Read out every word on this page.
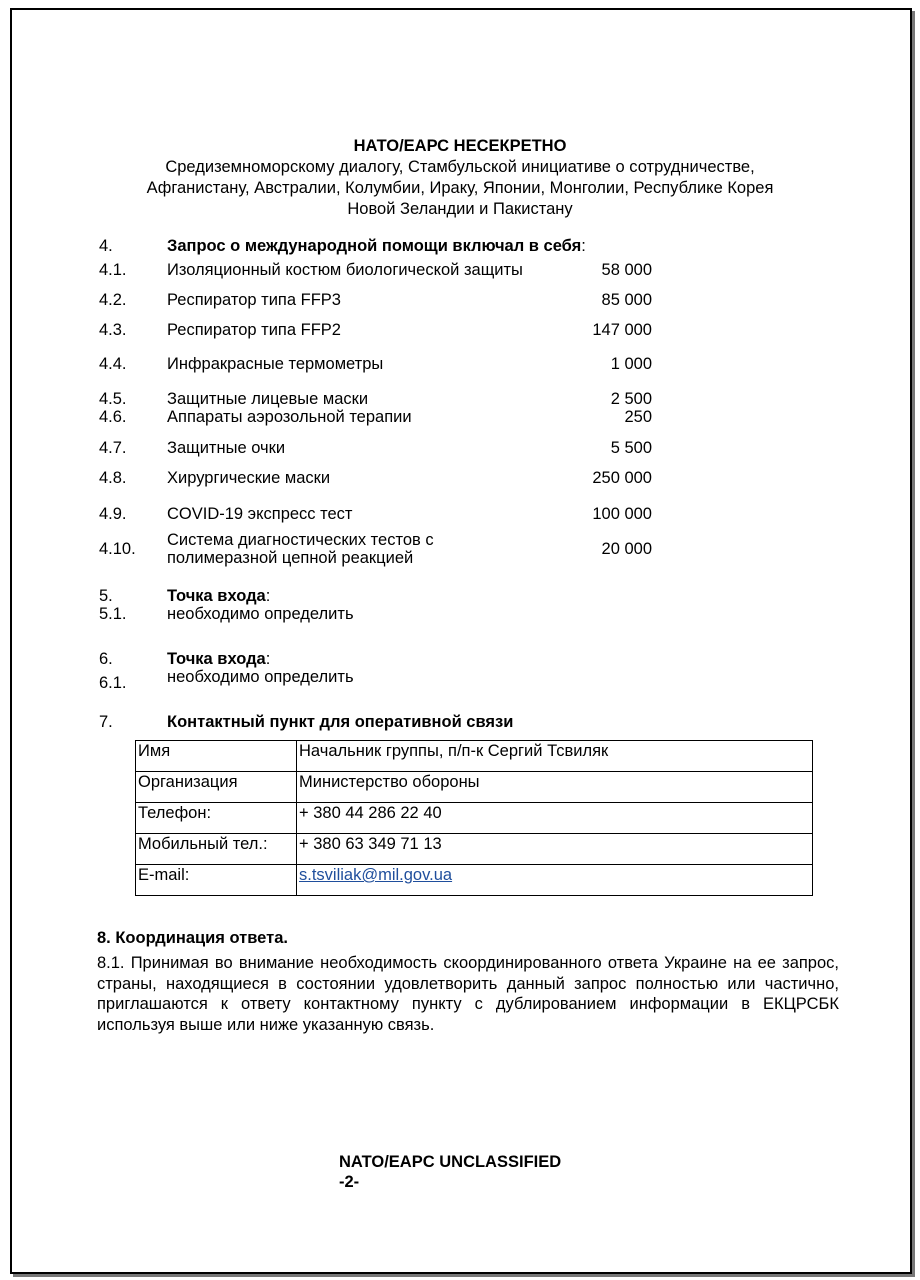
НАТО/ЕАРС НЕСЕКРЕТНО
Средиземноморскому диалогу, Стамбульской инициативе о сотрудничестве,
Афганистану, Австралии, Колумбии, Ираку, Японии, Монголии, Республике Корея
Новой Зеландии и Пакистану
4.	Запрос о международной помощи включал в себя:
4.1. Изоляционный костюм биологической защиты	58 000
4.2. Респиратор типа FFP3	85 000
4.3. Респиратор типа FFP2	147 000
4.4. Инфракрасные термометры	1 000
4.5. Защитные лицевые маски	2 500
4.6. Аппараты аэрозольной терапии	250
4.7. Защитные очки	5 500
4.8. Хирургические маски	250 000
4.9. COVID-19 экспресс тест	100 000
4.10. Система диагностических тестов с
полимеразной цепной реакцией	20 000
5.	Точка входа:
5.1. необходимо определить
6.	Точка входа:
6.1. необходимо определить
7.	Контактный пункт для оперативной связи
Имя	Начальник группы, п/п-к Сергий Тсвиляк
Организация	Министерство обороны
Телефон:	+ 380 44 286 22 40
Мобильный тел.:	+ 380 63 349 71 13
E-mail:	s.tsviliak@mil.gov.ua
8. Координация ответа.
8.1. Принимая во внимание необходимость скоординированного ответа Украине на ее запрос, страны, находящиеся в состоянии удовлетворить данный запрос полностью или частично, приглашаются к ответу контактному пункту с дублированием информации в ЕКЦРСБК используя выше или ниже указанную связь.
NATO/EAPC UNCLASSIFIED
-2-
